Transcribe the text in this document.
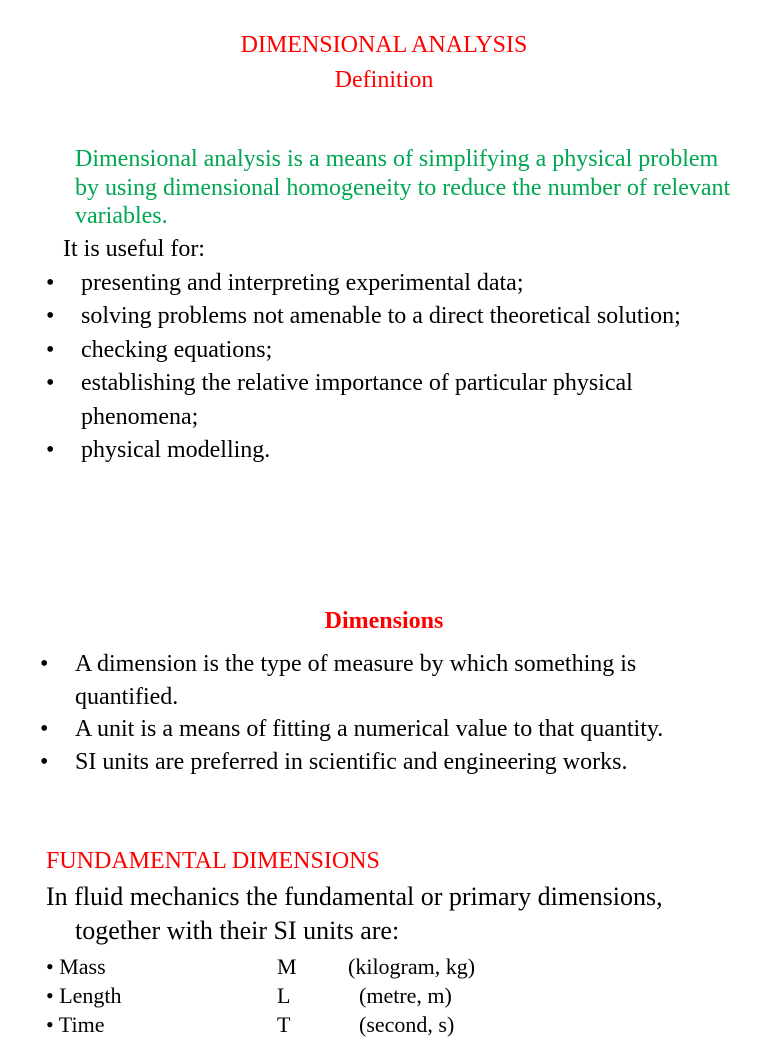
DIMENSIONAL ANALYSIS
Definition
Dimensional analysis is a means of simplifying a physical problem by using dimensional homogeneity to reduce the number of relevant variables.
It is useful for:
• presenting and interpreting experimental data;
• solving problems not amenable to a direct theoretical solution;
• checking equations;
• establishing the relative importance of particular physical phenomena;
• physical modelling.
Dimensions
• A dimension is the type of measure by which something is quantified.
• A unit is a means of fitting a numerical value to that quantity.
• SI units are preferred in scientific and engineering works.
FUNDAMENTAL DIMENSIONS
In fluid mechanics the fundamental or primary dimensions,
together with their SI units are:
• Mass	M (kilogram, kg)
• Length	L	(metre, m)
• Time	T	(second, s)
